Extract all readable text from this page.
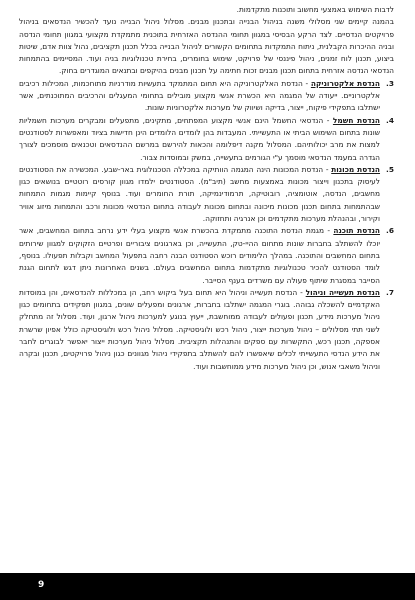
לדבות השימוש באמצעי מחשוב ותוכנות מתקדמות.

בהמנה קיימים שני מסלולי משנה בניהול הבנייה ובתכנון מבנים. מסלול ניהול הבנייה נועד להכשיר הנדסאים בניהול פרויקטים הנדסיים. לצד הרקע הבסיסי במגוון תחומי ההנדסה האזרחית בתוכנית מתמקדת מקצועי במגוון תחומי הנדסה ובניה ההיכרות הקבלנית, ניתוח התמקדות בתחומים הקשורים לניהול הבנייה בכלל תכנון תקציבים, נהול צוות אדם, שיטות ביצוע, תכנון לוח זמנים, ניהול פיננסי של פרויקט, שימוש בחומרים, בחירת טכנולוגיות בניה ועוד. המסיימים בהתמחות הנדסאי הנדסה אזרחית בתחום תכנון מבנים זכות חתימה על תכנון מבנים בהיקפים ובתנאים המוגדרים בחוק.

3.
הנדסת אלקטרוניקה - הנדסת האלקטרוניקה היא תחום המתמקד בתעשיות מודרניות מתוחכמות, המכילות רכיבים אלקטרוניים. ייעודה של המגמה היא הכשרת אנשי מקצוע מובילים בתחומי המעגלים והרכיבים המתוכנתים, אשר ישתלבו בתפקידי פיקוח, ייצור, בדיקה ושיווק של מערכות אלקטרוניות שונות.
4.
הנדסת חשמל - הנדסאי החשמל הינם אנשי מקצוע המפתחים, מתקינים, מתפעלים ומבקרים מערכות חשמליות שונות בתחום השימוש הביתי או התעשייתי. המעבדות בהן לומדים הלומדים הינן חדישות בציוד ומאפשרות לסטודנטים למצות את מרב יכולותיהם. המסלול מקנה דיפלומה והכאות להירשם במרשם ההנדסאים וטכנאים מוסמכים לצורך הגדרה במעמד הנדסאי מוסמך ע"י הגורמים בתעשייה, במשק ובמוסדות צבור.
5.
הנדסת מכונות - הנדסת המכונות הינה המגמה הוותיקה במכללה הטכנולוגית באר-שבע. המכשירה את הסטודנטים לעיסוק בתכנון וייצור מכונות באמצעות מחשב (תיב"מ). הסטודנטים ילמדו מגוון קורסים רוטטיים בנושאים כגון מחשבים, הנדסה, אוטומציה, רובוטיקה, תרמודינמיקה, תורת החומרים ועוד. בנוסף קיימות מגמות התמחות שבהתמחות בתחום תכנון מכונות מיכונה ובתחום מכונות לעבודה בתחום הנדסאי מכונות ורכב והתמחות מיזוג אוויר וקירור, ובהנהלת מערכות מתקדמים וכן אנרגיה ותחזוקה.
6.
הנדסת תוכנה - מגמת הנדסת התוכנה מתמקדת בהכשרת אנשי מקצוע בעלי ידע נרחב בתחום המחשבים, אשר יוכלו להשתלב בחברות שונות מתחום ההיי-טק, התעשייה, וכן בארגונים ציבוריים ופרטיים הזקוקים למגוון שירותים בתחום המחשבים והתוכנה. במהלך הלימודים רוכש הסטודנט הבנה רחבה בתפעול המחשב וקבלות תפעולו. בנוסף, לומד הסטודנט להכיר טכנולוגיות מתקדמות בתחום המחשבים בעולם. בשנים האחרונות ניתן דגש לתחום הגנת הסייבר במסגרת שיתוף פעולה עם משרדים בענף הסייבר.
7.
הנדסת תעשייה וניהול - הנדסת תעשייה וניהול היא תחום בעל ביקוש רחב, הן במכללות להנדסאים, והן במוסדות האקדמיים להשכלה גבוהה. בוגרי המגמה ישתלבו בחברות, ארגונים ומפעלים שונים, במגוון תפקידים בתחומים כגון ניהול מערכות מידע, תכנון ופעולים לעבודה ממוחשבת, ייעוץ בנוגע למערכות ניהול ארגון, ועוד. מסלול זה מתחלק לשני תתי מסלולים – ניהול מערכות ייצור, ניהול רכש ולוגיסטיקה. מסלול ניהול רכש ולוגיסטיקה כולל אפיון שרשרת אספקה, תכנון רכש, התקשרות עם ספקים והתנהלות תקציבית. מסלול ניהול מערכות ייצור יאפשר לבוגרים לחבר את הידע הנדסי התעשייתי לכלים שיאפשרו להם להשתלב בתפקידי ניהול מגוונים כגון ניהול פרויקטים, תכנון ובקרה וניהול משאבי אנוש, וכן ניהול מערכות מידע ממוחשבות ועוד.
9
